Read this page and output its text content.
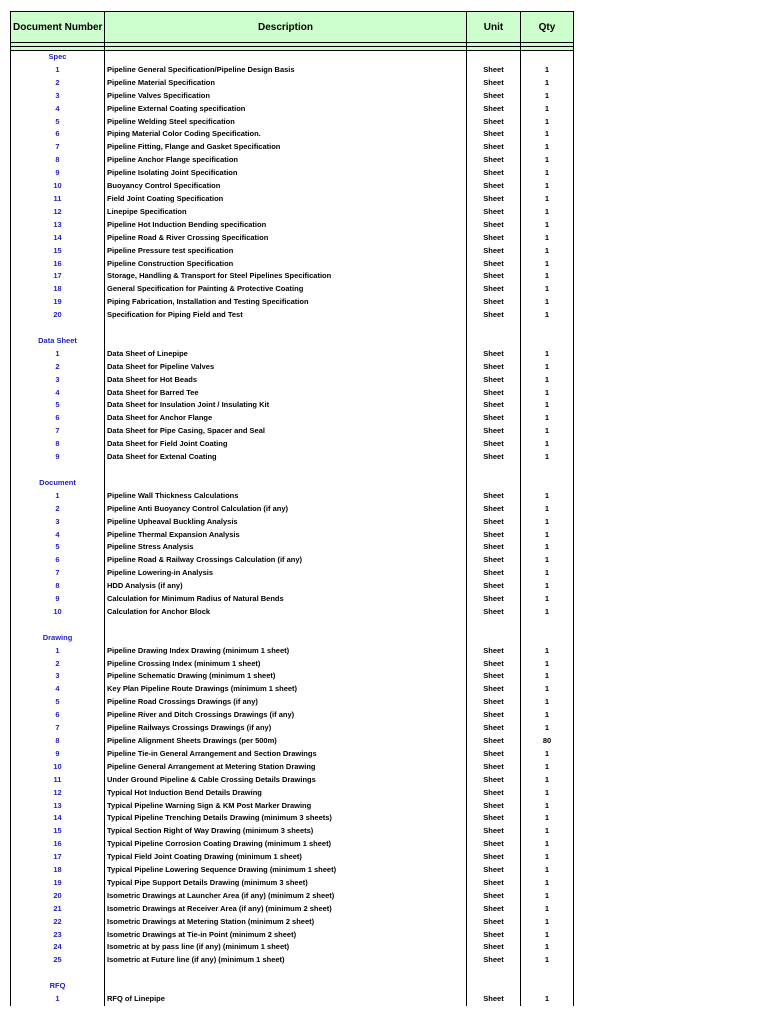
Document Number	Description	Unit	Qty

Spec			
1	Pipeline General Specification/Pipeline Design Basis	Sheet	1
2	Pipeline Material Specification	Sheet	1
3	Pipeline Valves Specification	Sheet	1
4	Pipeline External Coating specification	Sheet	1
5	Pipeline Welding Steel specification	Sheet	1
6	Piping Material Color Coding Specification.	Sheet	1
7	Pipeline Fitting, Flange and Gasket Specification	Sheet	1
8	Pipeline Anchor Flange specification	Sheet	1
9	Pipeline Isolating Joint Specification	Sheet	1
10	Buoyancy Control Specification	Sheet	1
11	Field Joint Coating Specification	Sheet	1
12	Linepipe Specification	Sheet	1
13	Pipeline Hot Induction Bending specification	Sheet	1
14	Pipeline Road & River Crossing Specification	Sheet	1
15	Pipeline Pressure test specification	Sheet	1
16	Pipeline Construction Specification	Sheet	1
17	Storage, Handling & Transport for Steel Pipelines Specification	Sheet	1
18	General Specification for Painting & Protective Coating	Sheet	1
19	Piping Fabrication, Installation and Testing Specification	Sheet	1
20	Specification for Piping Field and Test	Sheet	1

Data Sheet			
1	Data Sheet of Linepipe	Sheet	1
2	Data Sheet for Pipeline Valves	Sheet	1
3	Data Sheet for Hot Beads	Sheet	1
4	Data Sheet for Barred Tee	Sheet	1
5	Data Sheet for Insulation Joint / Insulating Kit	Sheet	1
6	Data Sheet for Anchor Flange	Sheet	1
7	Data Sheet for Pipe Casing, Spacer and Seal	Sheet	1
8	Data Sheet for Field Joint Coating	Sheet	1
9	Data Sheet for Extenal Coating	Sheet	1

Document			
1	Pipeline Wall Thickness Calculations	Sheet	1
2	Pipeline Anti Buoyancy Control Calculation (if any)	Sheet	1
3	Pipeline Upheaval Buckling Analysis	Sheet	1
4	Pipeline Thermal Expansion Analysis	Sheet	1
5	Pipeline Stress Analysis	Sheet	1
6	Pipeline Road & Railway Crossings Calculation (if any)	Sheet	1
7	Pipeline Lowering-in Analysis	Sheet	1
8	HDD Analysis (if any)	Sheet	1
9	Calculation for Minimum Radius of Natural Bends	Sheet	1
10	Calculation for Anchor Block	Sheet	1

Drawing			
1	Pipeline Drawing Index Drawing (minimum 1 sheet)	Sheet	1
2	Pipeline Crossing Index (minimum 1 sheet)	Sheet	1
3	Pipeline Schematic Drawing (minimum 1 sheet)	Sheet	1
4	Key Plan Pipeline Route Drawings (minimum 1 sheet)	Sheet	1
5	Pipeline Road Crossings Drawings (if any)	Sheet	1
6	Pipeline River and Ditch Crossings Drawings (if any)	Sheet	1
7	Pipeline Railways Crossings Drawings (if any)	Sheet	1
8	Pipeline Alignment Sheets Drawings (per 500m)	Sheet	80
9	Pipeline Tie-in General Arrangement and Section Drawings	Sheet	1
10	Pipeline General Arrangement at Metering Station Drawing	Sheet	1
11	Under Ground Pipeline & Cable Crossing Details Drawings	Sheet	1
12	Typical Hot Induction Bend Details Drawing	Sheet	1
13	Typical Pipeline Warning Sign & KM Post Marker Drawing	Sheet	1
14	Typical Pipeline Trenching Details Drawing (minimum 3 sheets)	Sheet	1
15	Typical Section Right of Way Drawing (minimum 3 sheets)	Sheet	1
16	Typical Pipeline Corrosion Coating Drawing (minimum 1 sheet)	Sheet	1
17	Typical Field Joint Coating Drawing (minimum 1 sheet)	Sheet	1
18	Typical Pipeline Lowering Sequence Drawing (minimum 1 sheet)	Sheet	1
19	Typical Pipe Support Details Drawing (minimum 3 sheet)	Sheet	1
20	Isometric Drawings at Launcher Area (if any) (minimum 2 sheet)	Sheet	1
21	Isometric Drawings at Receiver Area (if any) (minimum 2 sheet)	Sheet	1
22	Isometric Drawings at Metering Station (minimum 2 sheet)	Sheet	1
23	Isometric Drawings at Tie-in Point (minimum 2 sheet)	Sheet	1
24	Isometric at by pass line (if any) (minimum 1 sheet)	Sheet	1
25	Isometric at Future line (if any) (minimum 1 sheet)	Sheet	1

RFQ			
1	RFQ of Linepipe	Sheet	1
